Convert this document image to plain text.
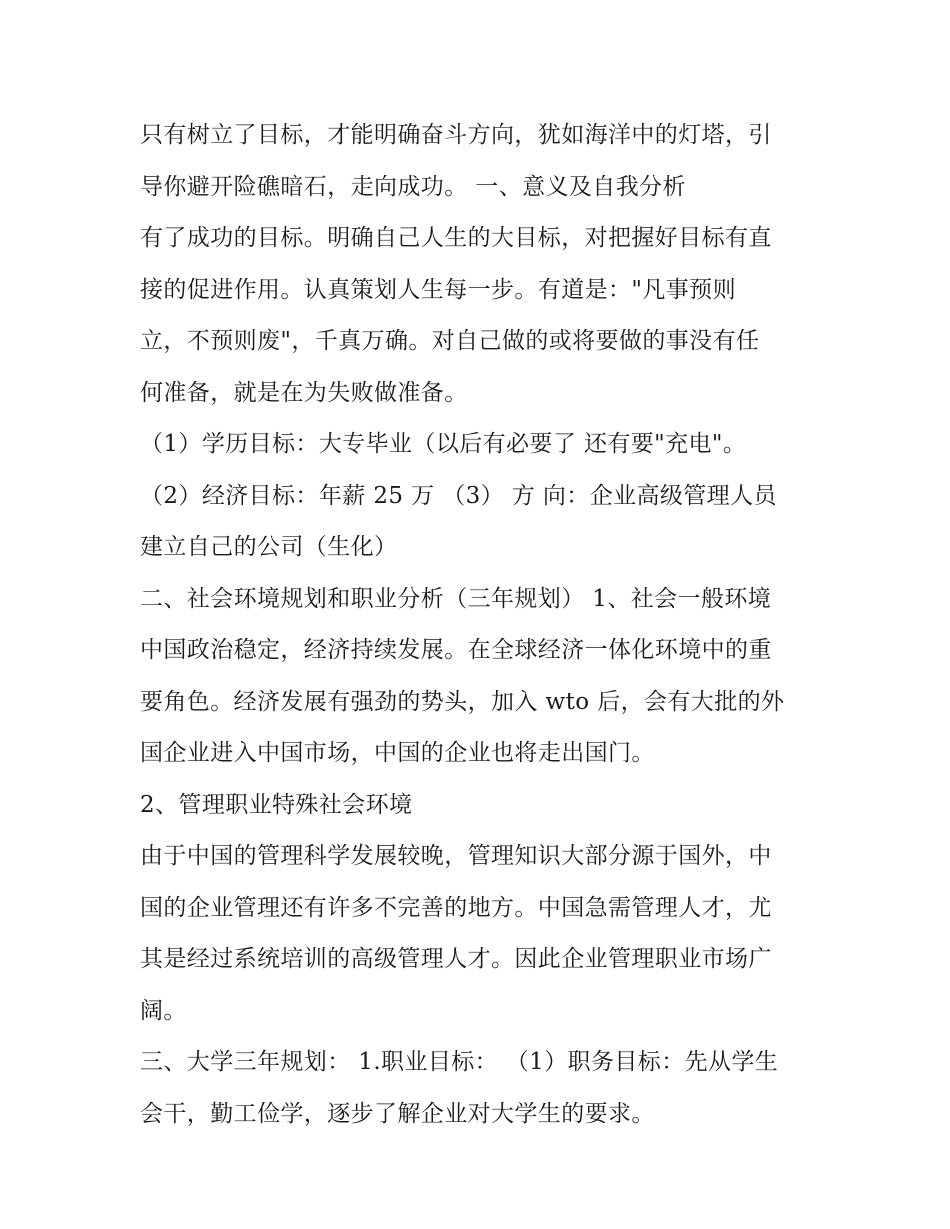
只有树立了目标，才能明确奋斗方向，犹如海洋中的灯塔，引
导你避开险礁暗石，走向成功。 一、意义及自我分析
有了成功的目标。明确自己人生的大目标，对把握好目标有直
接的促进作用。认真策划人生每一步。有道是："凡事预则
立，不预则废"，千真万确。对自己做的或将要做的事没有任
何准备，就是在为失败做准备。
（1）学历目标：大专毕业（以后有必要了 还有要"充电"。
（2）经济目标：年薪 25 万 （3） 方 向：企业高级管理人员
建立自己的公司（生化）
二、社会环境规划和职业分析（三年规划） 1、社会一般环境
中国政治稳定，经济持续发展。在全球经济一体化环境中的重
要角色。经济发展有强劲的势头，加入 wto 后，会有大批的外
国企业进入中国市场，中国的企业也将走出国门。
2、管理职业特殊社会环境
由于中国的管理科学发展较晚，管理知识大部分源于国外，中
国的企业管理还有许多不完善的地方。中国急需管理人才，尤
其是经过系统培训的高级管理人才。因此企业管理职业市场广
阔。
三、大学三年规划： 1.职业目标： （1）职务目标：先从学生
会干，勤工俭学，逐步了解企业对大学生的要求。
